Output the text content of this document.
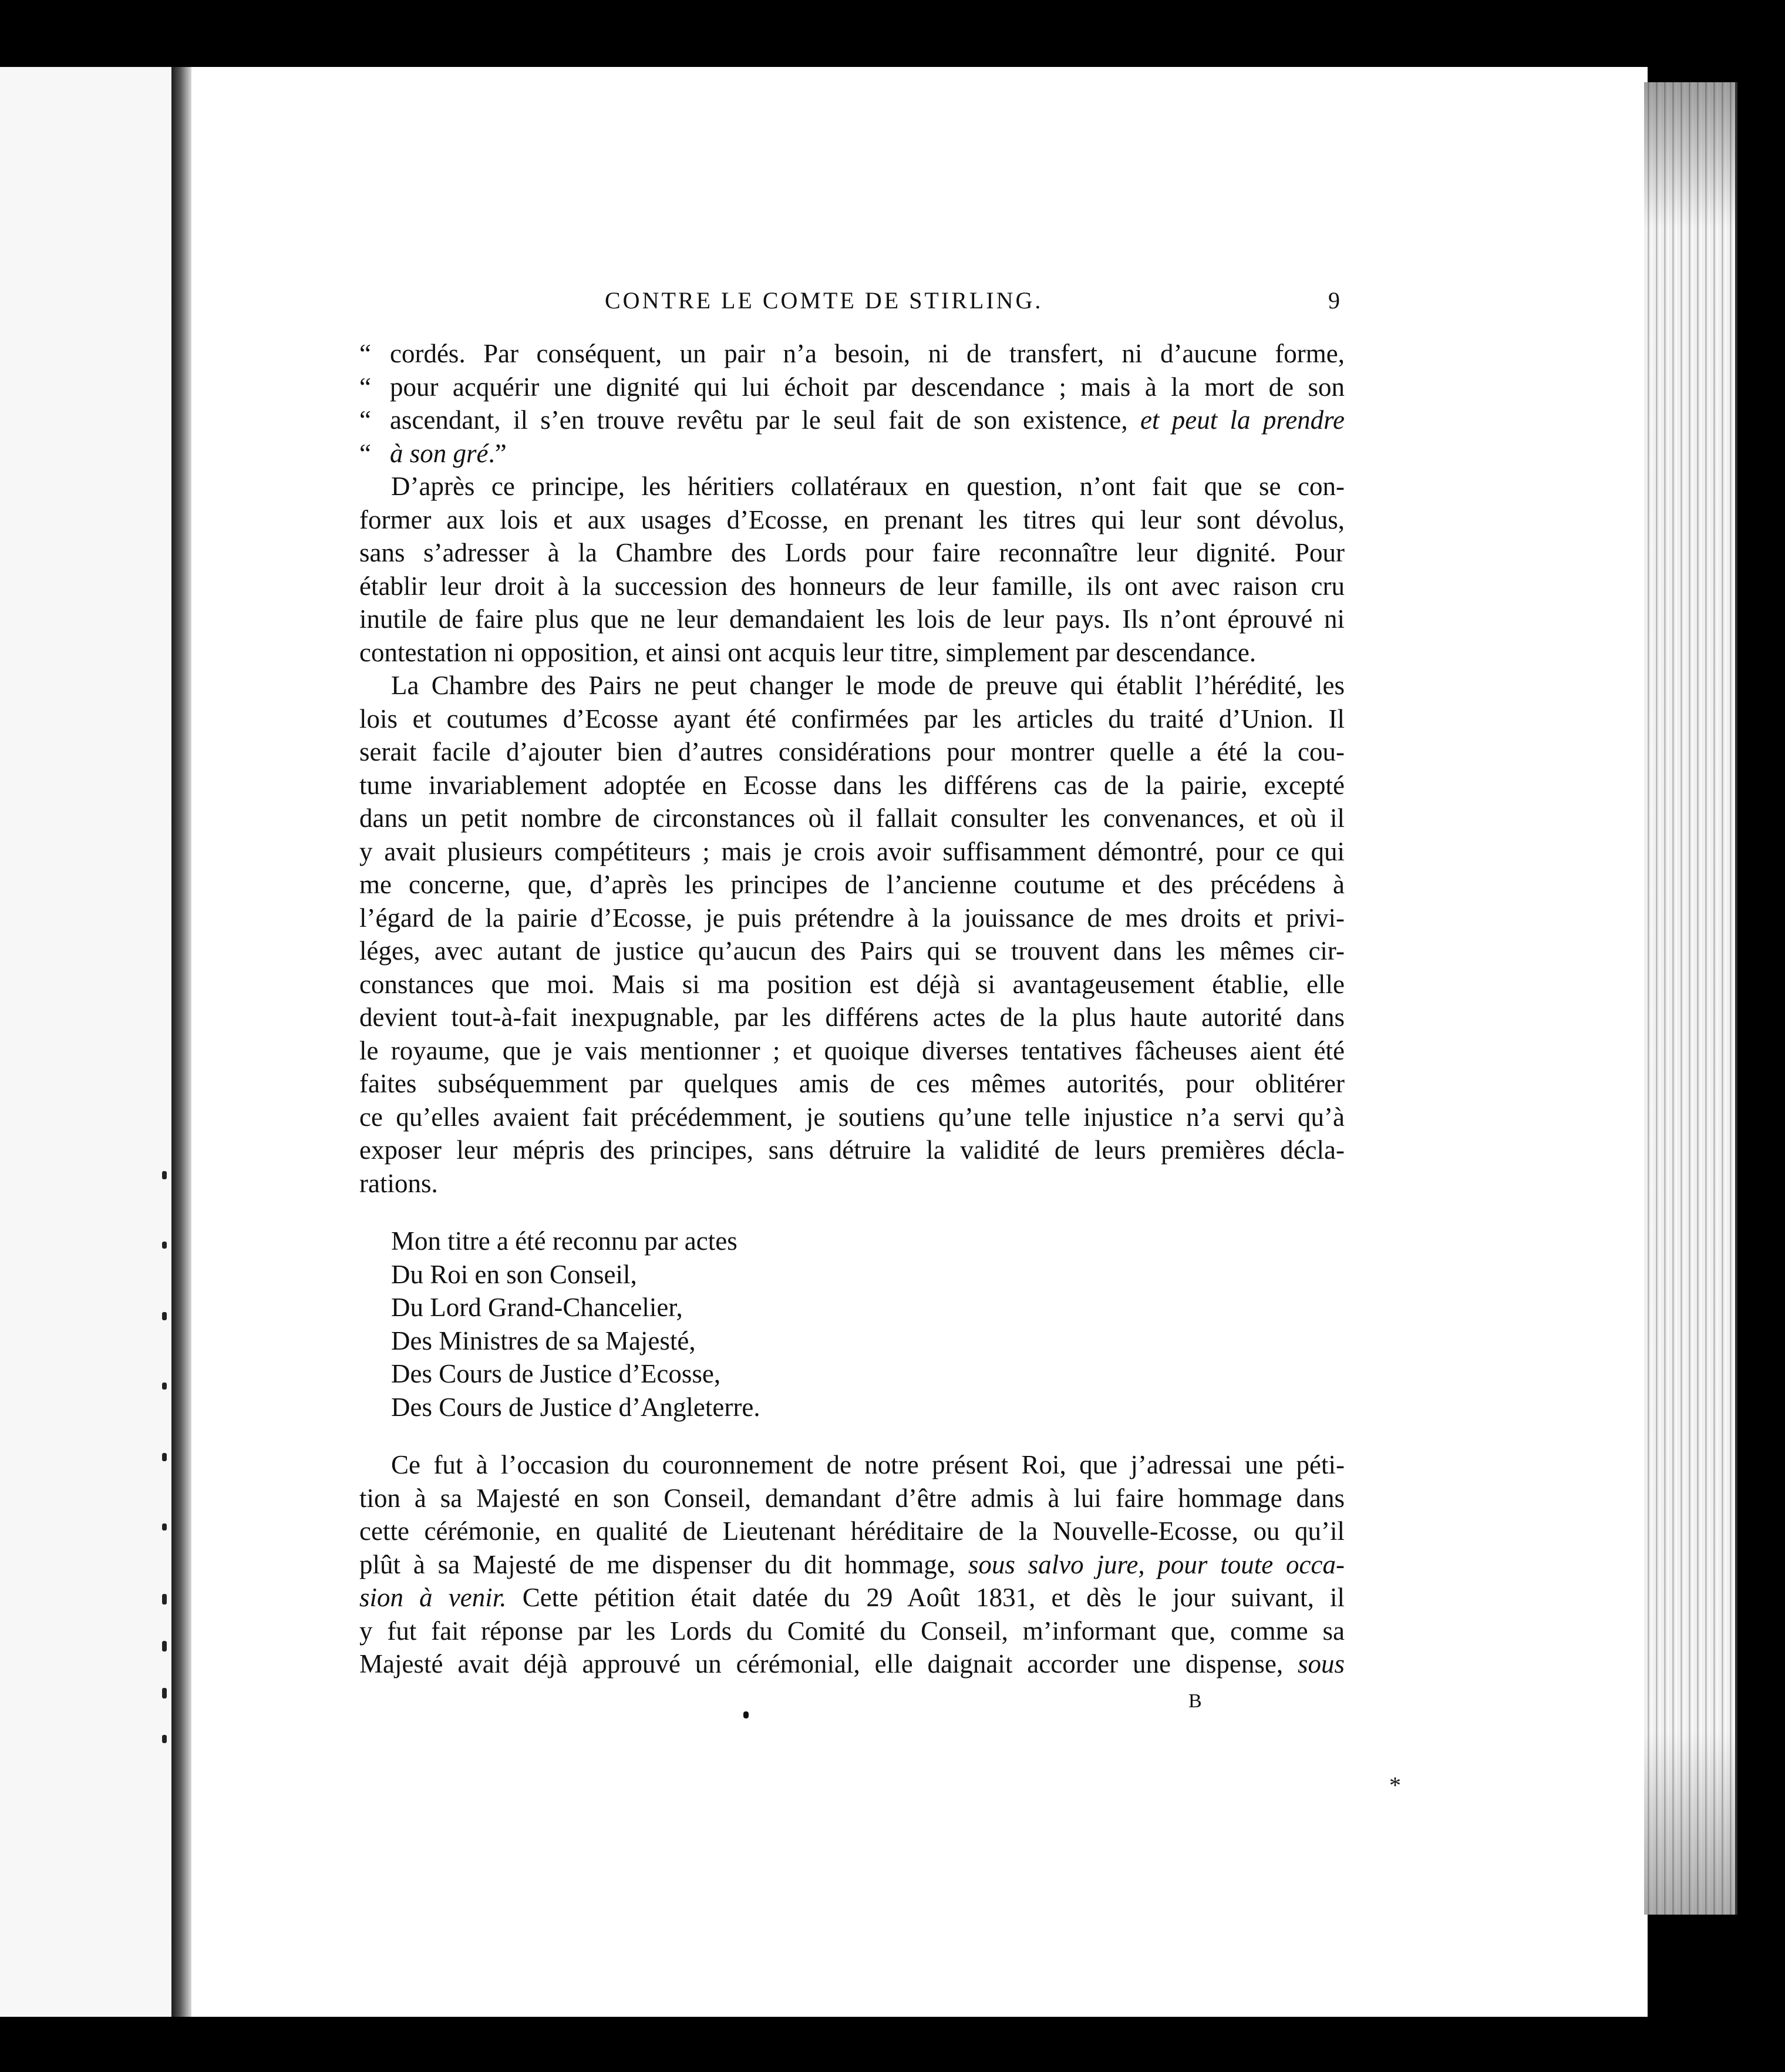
CONTRE LE COMTE DE STIRLING.	9
“ cordés. Par conséquent, un pair n’a besoin, ni de transfert, ni d’aucune forme,
“ pour acquérir une dignité qui lui échoit par descendance ; mais à la mort de son
“ ascendant, il s’en trouve revêtu par le seul fait de son existence, et peut la prendre
“ à son gré.”
D’après ce principe, les héritiers collatéraux en question, n’ont fait que se con-
former aux lois et aux usages d’Ecosse, en prenant les titres qui leur sont dévolus,
sans s’adresser à la Chambre des Lords pour faire reconnaître leur dignité. Pour
établir leur droit à la succession des honneurs de leur famille, ils ont avec raison cru
inutile de faire plus que ne leur demandaient les lois de leur pays. Ils n’ont éprouvé ni
contestation ni opposition, et ainsi ont acquis leur titre, simplement par descendance.
La Chambre des Pairs ne peut changer le mode de preuve qui établit l’hérédité, les
lois et coutumes d’Ecosse ayant été confirmées par les articles du traité d’Union. Il
serait facile d’ajouter bien d’autres considérations pour montrer quelle a été la cou-
tume invariablement adoptée en Ecosse dans les différens cas de la pairie, excepté
dans un petit nombre de circonstances où il fallait consulter les convenances, et où il
y avait plusieurs compétiteurs ; mais je crois avoir suffisamment démontré, pour ce qui
me concerne, que, d’après les principes de l’ancienne coutume et des précédens à
l’égard de la pairie d’Ecosse, je puis prétendre à la jouissance de mes droits et privi-
léges, avec autant de justice qu’aucun des Pairs qui se trouvent dans les mêmes cir-
constances que moi. Mais si ma position est déjà si avantageusement établie, elle
devient tout-à-fait inexpugnable, par les différens actes de la plus haute autorité dans
le royaume, que je vais mentionner ; et quoique diverses tentatives fâcheuses aient été
faites subséquemment par quelques amis de ces mêmes autorités, pour oblitérer
ce qu’elles avaient fait précédemment, je soutiens qu’une telle injustice n’a servi qu’à
exposer leur mépris des principes, sans détruire la validité de leurs premières décla-
rations.
Mon titre a été reconnu par actes
Du Roi en son Conseil,
Du Lord Grand-Chancelier,
Des Ministres de sa Majesté,
Des Cours de Justice d’Ecosse,
Des Cours de Justice d’Angleterre.
Ce fut à l’occasion du couronnement de notre présent Roi, que j’adressai une péti-
tion à sa Majesté en son Conseil, demandant d’être admis à lui faire hommage dans
cette cérémonie, en qualité de Lieutenant héréditaire de la Nouvelle-Ecosse, ou qu’il
plût à sa Majesté de me dispenser du dit hommage, sous salvo jure, pour toute occa-
sion à venir. Cette pétition était datée du 29 Août 1831, et dès le jour suivant, il
y fut fait réponse par les Lords du Comité du Conseil, m’informant que, comme sa
Majesté avait déjà approuvé un cérémonial, elle daignait accorder une dispense, sous
B
*
